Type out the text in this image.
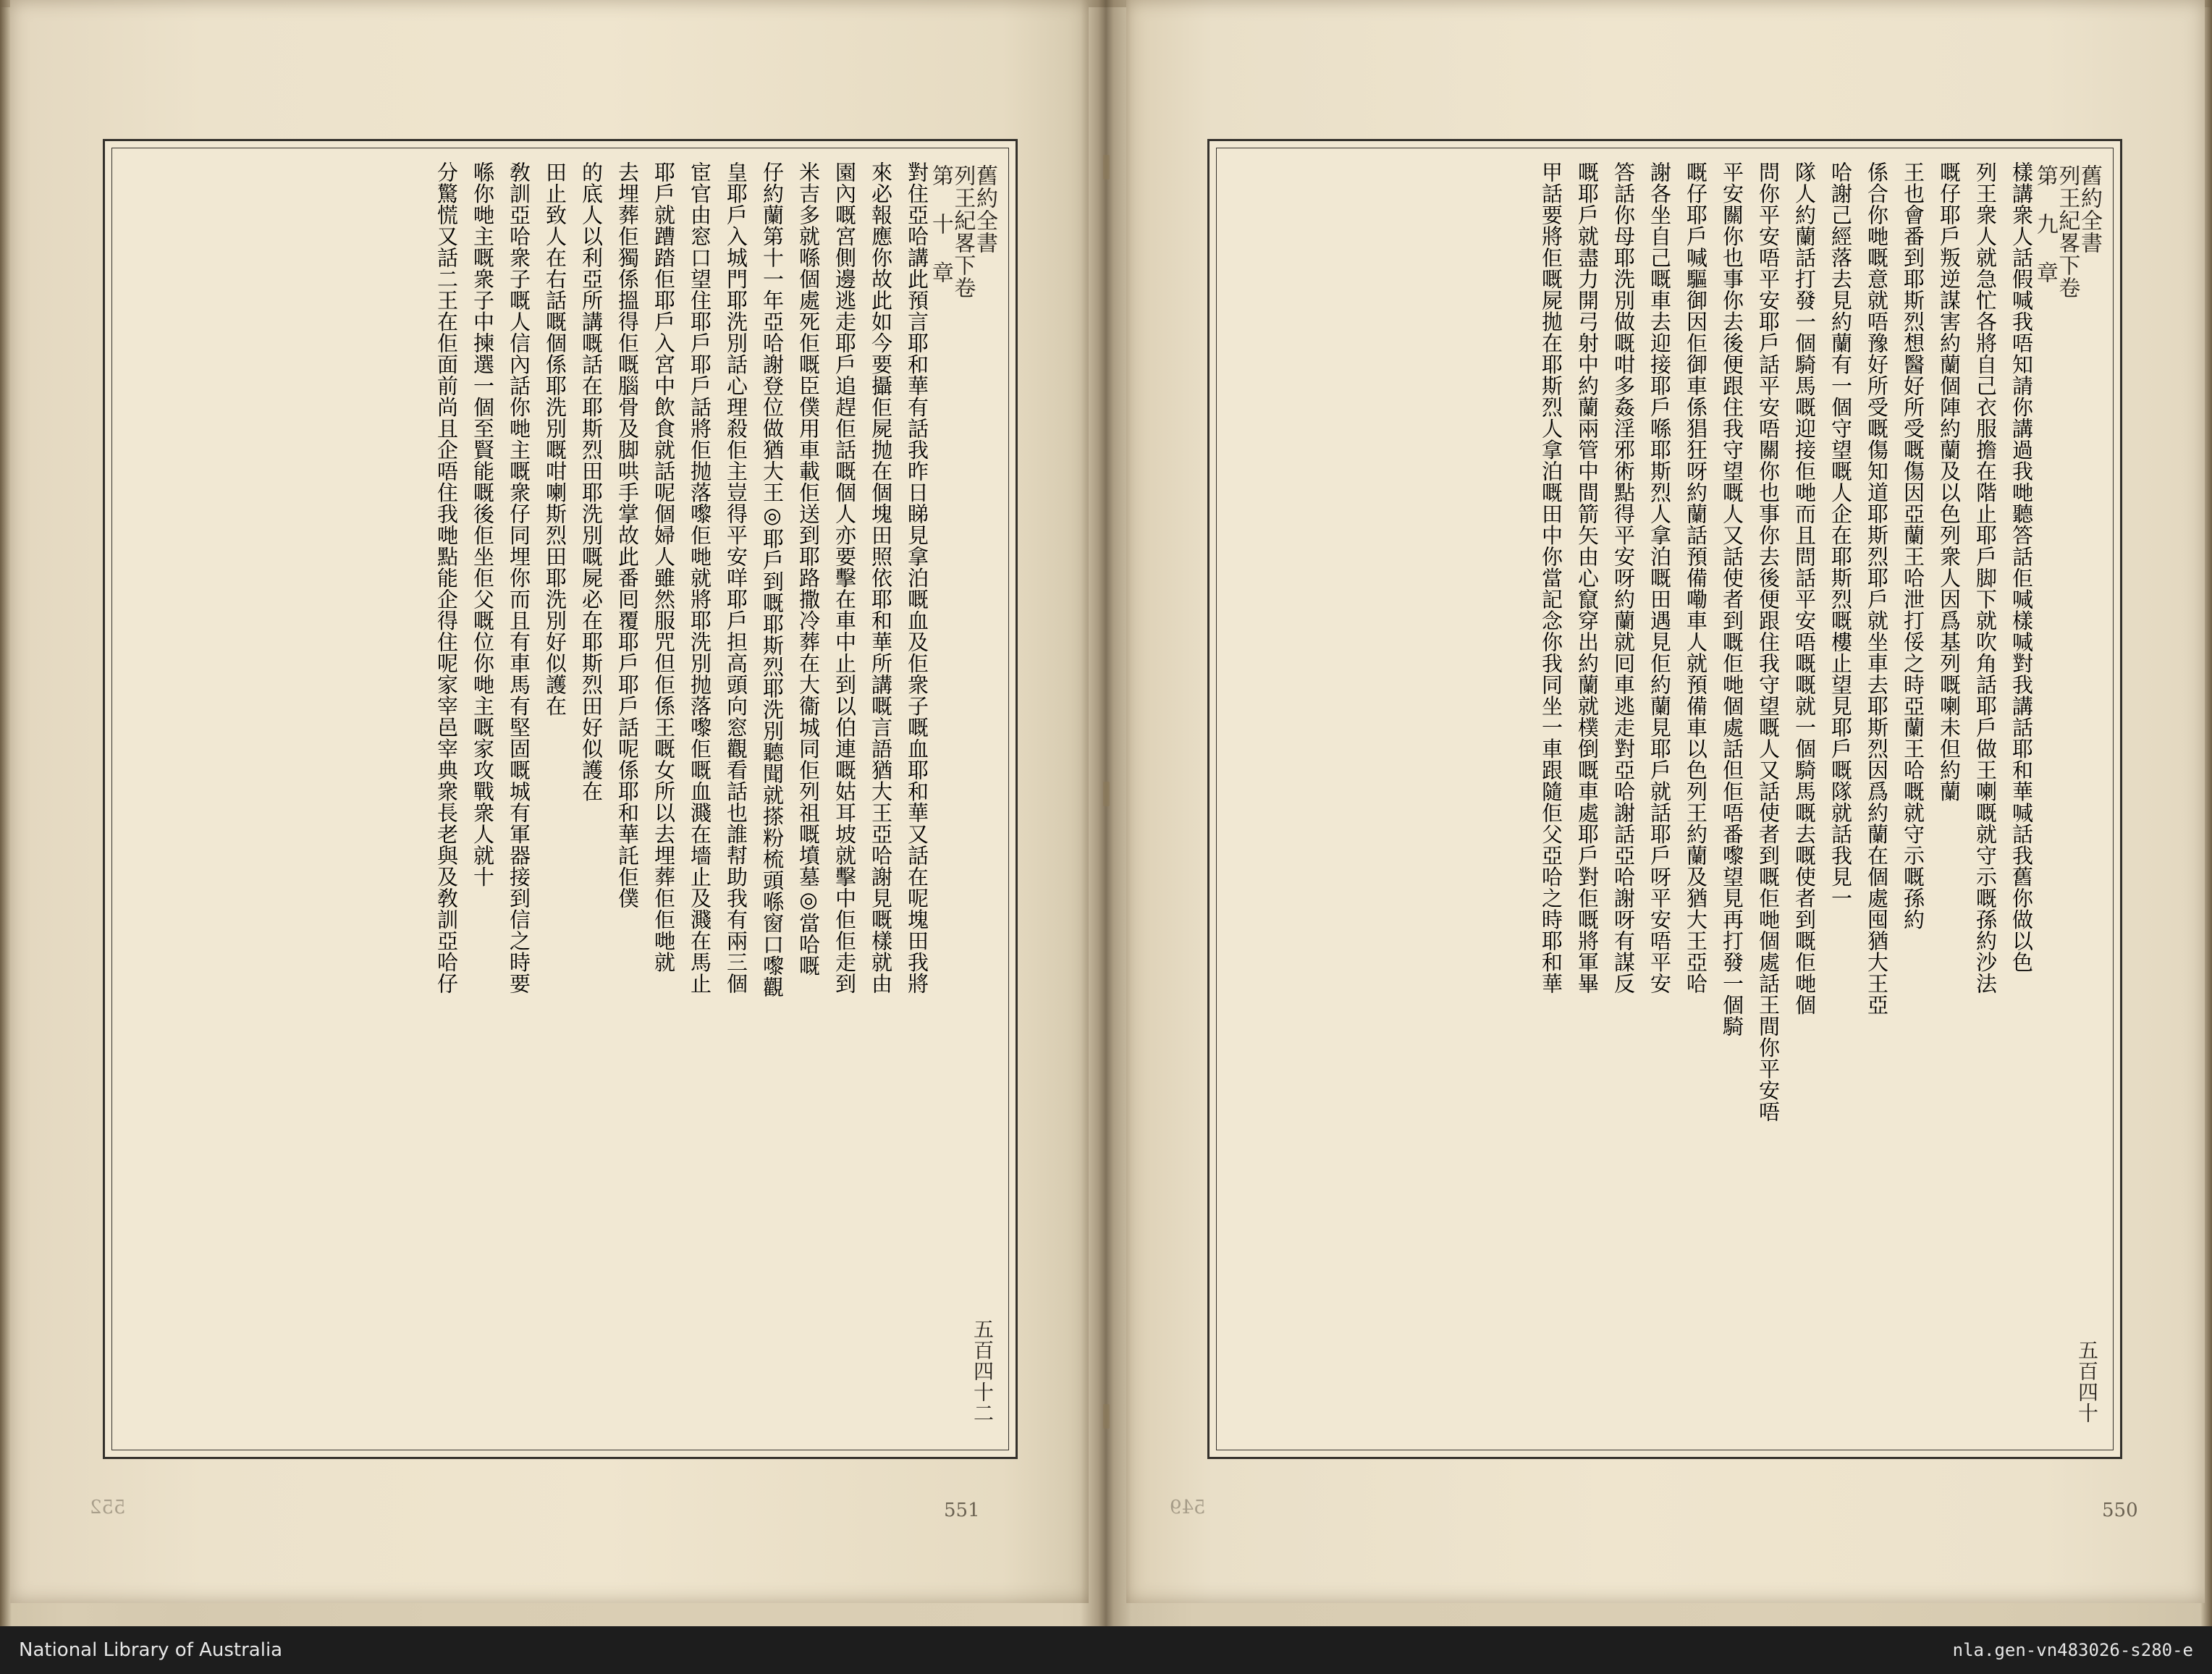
舊約全書
列王紀畧下卷
第 十 章
五百四十二
對住亞哈講此預言耶和華有話我昨日睇見拿泊嘅血及佢衆子嘅血耶和華又話在呢塊田我將
來必報應你故此如今要攝佢屍抛在個塊田照依耶和華所講嘅言語猶大王亞哈謝見嘅樣就由
園內嘅宮側邊逃走耶戶追趕佢話嘅個人亦要擊在車中止到以伯連嘅姑耳坡就擊中佢佢走到
米吉多就喺個處死佢嘅臣僕用車載佢送到耶路撒冷葬在大衞城同佢列祖嘅墳墓◎當哈嘅
仔約蘭第十一年亞哈謝登位做猶大王◎耶戶到嘅耶斯烈耶洗別聽聞就搽粉梳頭喺窗口嚟觀
皇耶戶入城門耶洗別話心理殺佢主豈得平安咩耶戶担高頭向窓觀看話也誰幇助我有兩三個
宦官由窓口望住耶戶耶戶話將佢抛落嚟佢哋就將耶洗別抛落嚟佢嘅血濺在墻止及濺在馬止
耶戶就蹧踏佢耶戶入宮中飲食就話呢個婦人雖然服咒但佢係王嘅女所以去埋葬佢佢哋就
去埋葬佢獨係搵得佢嘅腦骨及脚哄手掌故此番囘覆耶戶耶戶話呢係耶和華託佢僕
的底人以利亞所講嘅話在耶斯烈田耶洗別嘅屍必在耶斯烈田好似護在
田止致人在右話嘅個係耶洗別嘅咁喇斯烈田耶洗別好似護在
敎訓亞哈衆子嘅人信內話你哋主嘅衆仔同埋你而且有車馬有堅固嘅城有軍器接到信之時要
喺你哋主嘅衆子中揀選一個至賢能嘅後佢坐佢父嘅位你哋主嘅家攻戰衆人就十
分驚慌又話二王在佢面前尚且企唔住我哋點能企得住呢家宰邑宰典衆長老與及敎訓亞哈仔
551
552
舊約全書
列王紀畧下卷
第 九 章
五百四十
樣講衆人話假喊我唔知請你講過我哋聽答話佢喊樣喊對我講話耶和華喊話我舊你做以色
列王衆人就急忙各將自己衣服擔在階止耶戶脚下就吹角話耶戶做王喇嘅就守示嘅孫約沙法
嘅仔耶戶叛逆謀害約蘭個陣約蘭及以色列衆人因爲基列嘅喇未但約蘭
王也會番到耶斯烈想醫好所受嘅傷因亞蘭王哈泄打俀之時亞蘭王哈嘅就守示嘅孫約
係合你哋嘅意就唔豫好所受嘅傷知道耶斯烈耶戶就坐車去耶斯烈因爲約蘭在個處囤猶大王亞
哈謝己經落去見約蘭有一個守望嘅人企在耶斯烈嘅樓止望見耶戶嘅隊就話我見一
隊人約蘭話打發一個騎馬嘅迎接佢哋而且問話平安唔嘅嘅就一個騎馬嘅去嘅使者到嘅佢哋個
問你平安唔平安耶戶話平安唔關你也事你去後便跟住我守望嘅人又話使者到嘅佢哋個處話王間你平安唔
平安關你也事你去後便跟住我守望嘅人又話使者到嘅佢哋個處話但佢唔番嚟望見再打發一個騎
嘅仔耶戶喊驅御因佢御車係猖狂呀約蘭話預備嘞車人就預備車以色列王約蘭及猶大王亞哈
謝各坐自己嘅車去迎接耶戶喺耶斯烈人拿泊嘅田遇見佢約蘭見耶戶就話耶戶呀平安唔平安
答話你母耶洗別做嘅咁多姦淫邪術點得平安呀約蘭就囘車逃走對亞哈謝話亞哈謝呀有謀反
嘅耶戶就盡力開弓射中約蘭兩管中間箭矢由心竄穿出約蘭就樸倒嘅車處耶戶對佢嘅將軍畢
甲話要將佢嘅屍拋在耶斯烈人拿泊嘅田中你當記念你我同坐一車跟隨佢父亞哈之時耶和華
550
549
National Library of Australia	nla.gen-vn483026-s280-e
